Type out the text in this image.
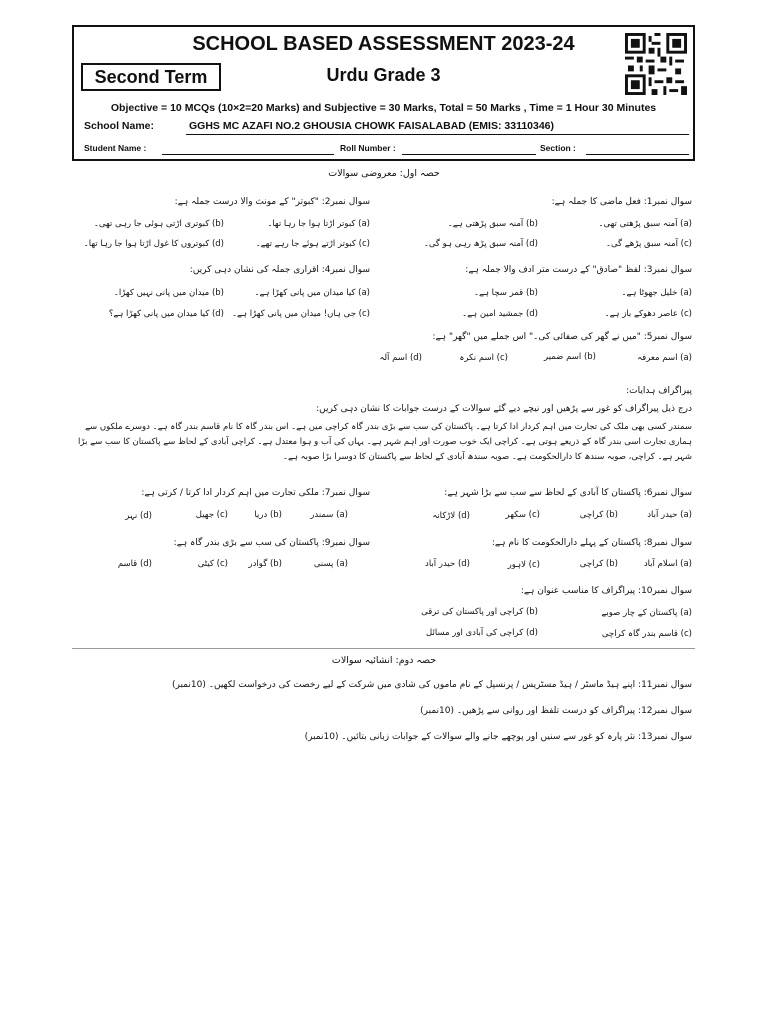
SCHOOL BASED ASSESSMENT 2023-24
Urdu Grade 3
Second Term
Objective = 10 MCQs (10×2=20 Marks) and Subjective = 30 Marks, Total = 50 Marks , Time = 1 Hour 30 Minutes
School Name:	GGHS MC AZAFI NO.2 GHOUSIA CHOWK FAISALABAD (EMIS: 33110346)
Student Name :	Roll Number :	Section :
حصہ اول: معروضی سوالات
سوال نمبر1: فعل ماضی کا جملہ ہے:
(a) آمنہ سبق پڑھتی تھی۔
(b) آمنہ سبق پڑھتی ہے۔
(c) آمنہ سبق پڑھے گی۔
(d) آمنہ سبق پڑھ رہی ہو گی۔
سوال نمبر2: "کبوتر" کے مونث والا درست جملہ ہے:
(a) کبوتر اڑتا ہوا جا رہا تھا۔
(b) کبوتری اڑتی ہوئی جا رہی تھی۔
(c) کبوتر اڑتے ہوئے جا رہے تھے۔
(d) کبوتروں کا غول اڑتا ہوا جا رہا تھا۔
سوال نمبر3: لفظ "صادق" کے درست متر ادف والا جملہ ہے:
(a) خلیل جھوٹا ہے۔
(b) قمر سچا ہے۔
(c) عاصر دھوکے باز ہے۔
(d) جمشید امین ہے۔
سوال نمبر4: اقراری جملہ کی نشان دہی کریں:
(a) کیا میدان میں پانی کھڑا ہے۔
(b) میدان میں پانی نہیں کھڑا۔
(c) جی ہاں! میدان میں پانی کھڑا ہے۔
(d) کیا میدان میں پانی کھڑا ہے؟
سوال نمبر5: "میں نے گھر کی صفائی کی۔" اس جملے میں "گھر" ہے:
(a) اسم معرفہ
(b) اسم ضمیر
(c) اسم نکرہ
(d) اسم آلہ
پیراگراف ہدایات:
درج ذیل پیراگراف کو غور سے پڑھیں اور نیچے دیے گئے سوالات کے درست جوابات کا نشان دہی کریں:
سمندر کسی بھی ملک کی تجارت میں اہم کردار ادا کرتا ہے۔ پاکستان کی سب سے بڑی بندر گاہ کراچی میں ہے۔ اس بندر گاہ کا نام قاسم بندر گاہ ہے۔ دوسرے ملکوں سے ہماری تجارت اسی بندر گاہ کے ذریعے ہوتی ہے۔ کراچی ایک خوب صورت اور اہم شہر ہے۔ یہاں کی آب و ہوا معتدل ہے۔ کراچی آبادی کے لحاظ سے پاکستان کا سب سے بڑا شہر ہے۔ کراچی، صوبہ سندھ کا دارالحکومت ہے۔ صوبہ سندھ آبادی کے لحاظ سے پاکستان کا دوسرا بڑا صوبہ ہے۔
سوال نمبر6: پاکستان کا آبادی کے لحاظ سے سب سے بڑا شہر ہے:
(a) حیدر آباد
(b) کراچی
(c) سکھر
(d) لاڑکانہ
سوال نمبر7: ملکی تجارت میں اہم کردار ادا کرتا / کرتی ہے:
(a) سمندر
(b) دریا
(c) جھیل
(d) نہر
سوال نمبر8: پاکستان کے پہلے دارالحکومت کا نام ہے:
(a) اسلام آباد
(b) کراچی
(c) لاہور
(d) حیدر آباد
سوال نمبر9: پاکستان کی سب سے بڑی بندر گاہ ہے:
(a) پسنی
(b) گوادر
(c) کیٹی
(d) قاسم
سوال نمبر10: پیراگراف کا مناسب عنوان ہے:
(a) پاکستان کے چار صوبے
(b) کراچی اور پاکستان کی ترقی
(c) قاسم بندر گاہ کراچی
(d) کراچی کی آبادی اور مسائل
حصہ دوم: انشائیہ سوالات
سوال نمبر11: اپنے ہیڈ ماسٹر / ہیڈ مسٹریس / پرنسپل کے نام ماموں کی شادی میں شرکت کے لیے رخصت کی درخواست لکھیں۔ (10نمبر)
سوال نمبر12: پیراگراف کو درست تلفظ اور روانی سے پڑھیں۔ (10نمبر)
سوال نمبر13: نثر پارہ کو غور سے سنیں اور پوچھے جانے والے سوالات کے جوابات زبانی بتائیں۔ (10نمبر)
